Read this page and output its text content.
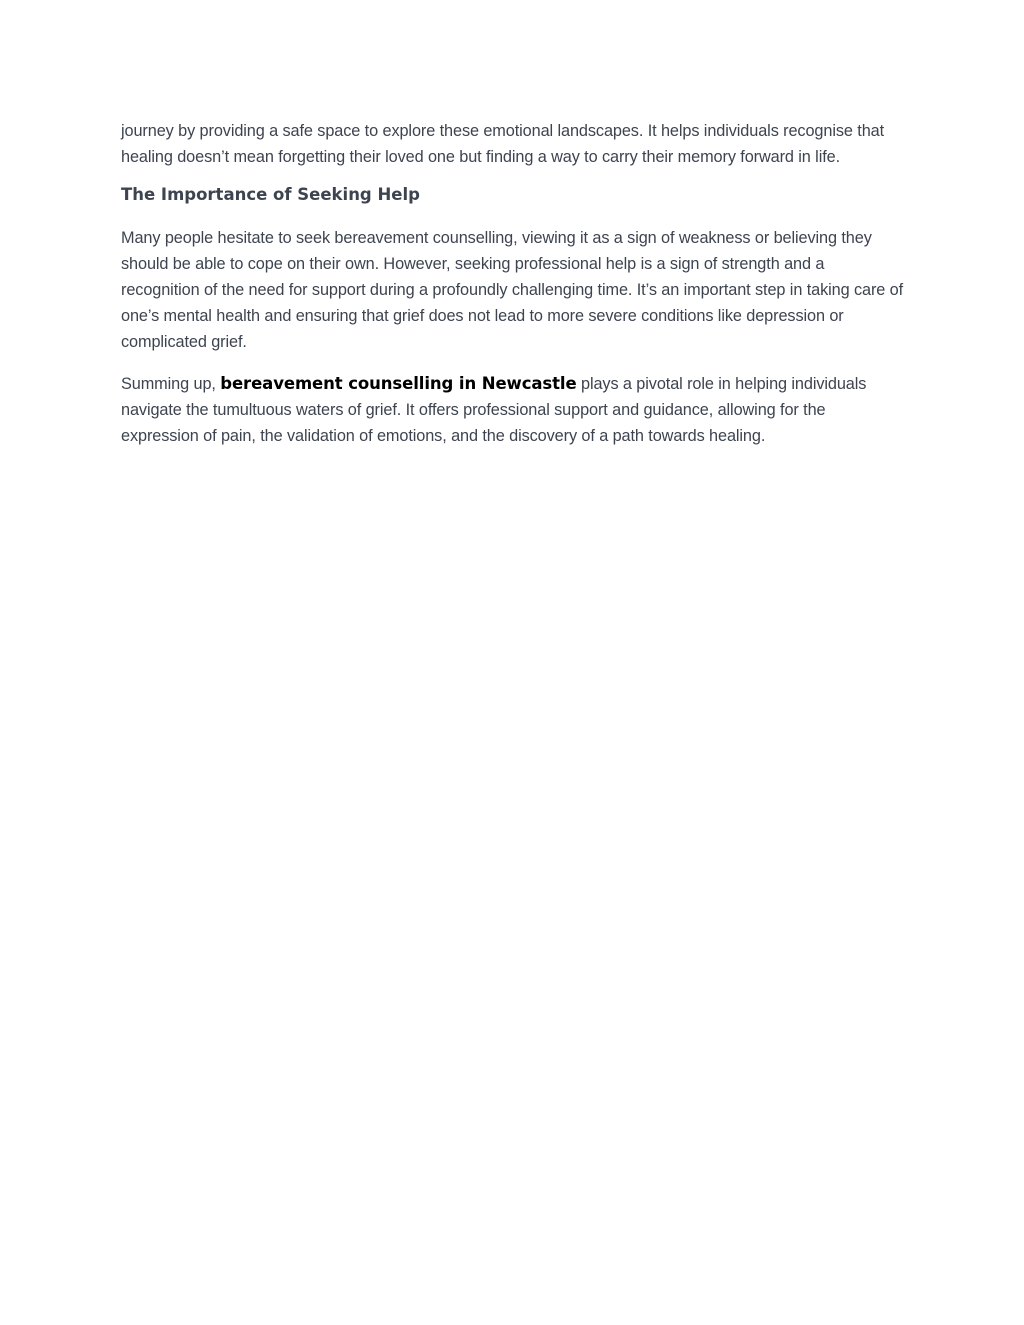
journey by providing a safe space to explore these emotional landscapes. It helps individuals recognise that healing doesn’t mean forgetting their loved one but finding a way to carry their memory forward in life.

The Importance of Seeking Help

Many people hesitate to seek bereavement counselling, viewing it as a sign of weakness or believing they should be able to cope on their own. However, seeking professional help is a sign of strength and a recognition of the need for support during a profoundly challenging time. It’s an important step in taking care of one’s mental health and ensuring that grief does not lead to more severe conditions like depression or complicated grief.

Summing up, bereavement counselling in Newcastle plays a pivotal role in helping individuals navigate the tumultuous waters of grief. It offers professional support and guidance, allowing for the expression of pain, the validation of emotions, and the discovery of a path towards healing.
